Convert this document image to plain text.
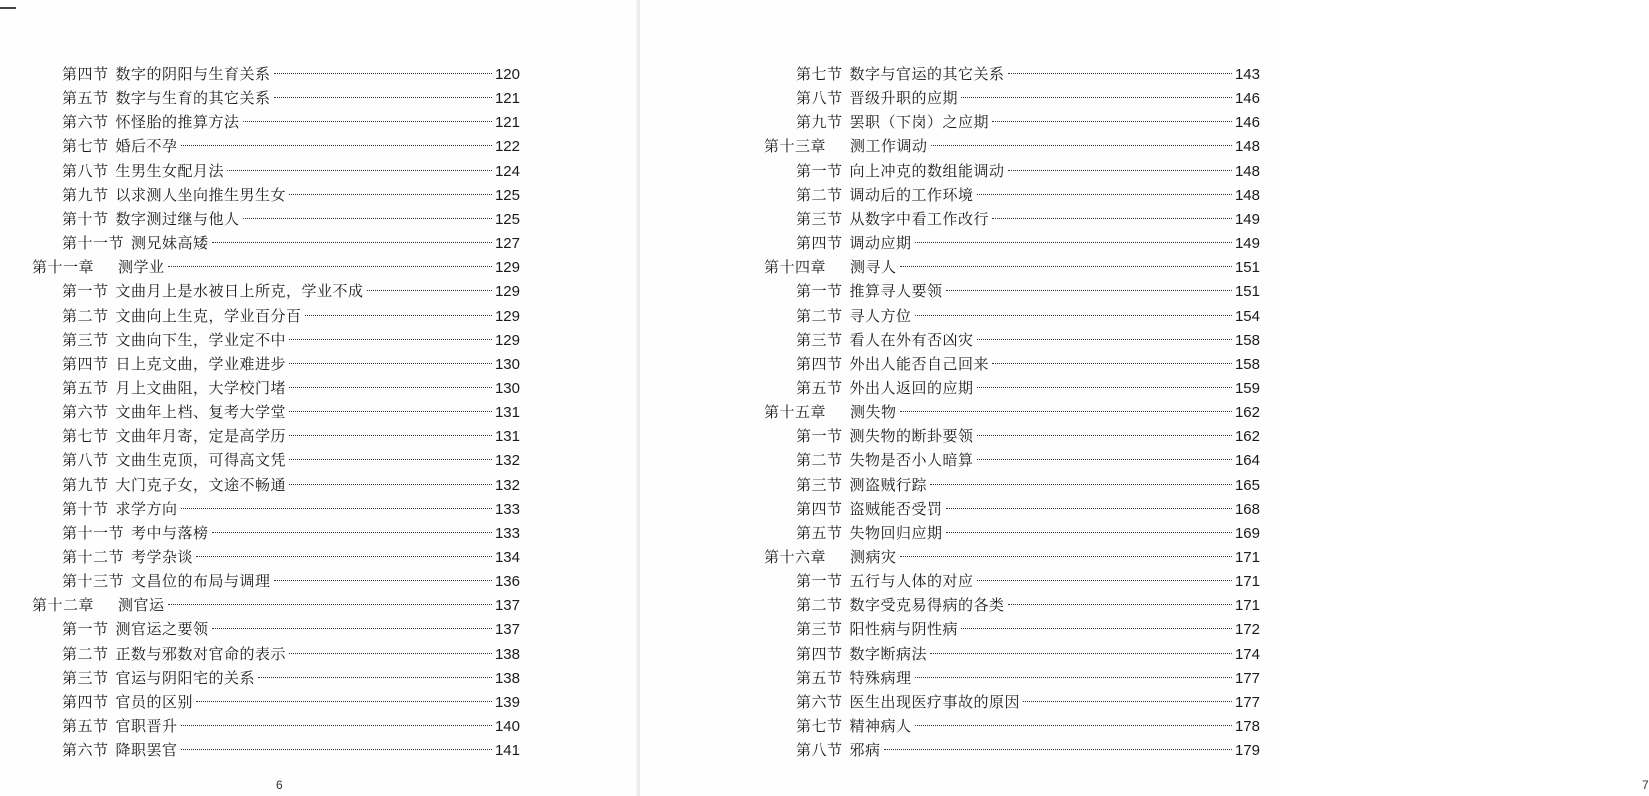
第四节 数字的阴阳与生育关系	120
第五节 数字与生育的其它关系	121
第六节 怀怪胎的推算方法	121
第七节 婚后不孕	122
第八节 生男生女配月法	124
第九节 以求测人坐向推生男生女	125
第十节 数字测过继与他人	125
第十一节 测兄妹高矮	127
第十一章 测学业	129
第一节 文曲月上是水被日上所克，学业不成	129
第二节 文曲向上生克，学业百分百	129
第三节 文曲向下生，学业定不中	129
第四节 日上克文曲，学业难进步	130
第五节 月上文曲阻，大学校门堵	130
第六节 文曲年上档、复考大学堂	131
第七节 文曲年月寄，定是高学历	131
第八节 文曲生克顶，可得高文凭	132
第九节 大门克子女，文途不畅通	132
第十节 求学方向	133
第十一节 考中与落榜	133
第十二节 考学杂谈	134
第十三节 文昌位的布局与调理	136
第十二章 测官运	137
第一节 测官运之要领	137
第二节 正数与邪数对官命的表示	138
第三节 官运与阴阳宅的关系	138
第四节 官员的区别	139
第五节 官职晋升	140
第六节 降职罢官	141
6
第七节 数字与官运的其它关系	143
第八节 晋级升职的应期	146
第九节 罢职（下岗）之应期	146
第十三章 测工作调动	148
第一节 向上冲克的数组能调动	148
第二节 调动后的工作环境	148
第三节 从数字中看工作改行	149
第四节 调动应期	149
第十四章 测寻人	151
第一节 推算寻人要领	151
第二节 寻人方位	154
第三节 看人在外有否凶灾	158
第四节 外出人能否自己回来	158
第五节 外出人返回的应期	159
第十五章 测失物	162
第一节 测失物的断卦要领	162
第二节 失物是否小人暗算	164
第三节 测盗贼行踪	165
第四节 盗贼能否受罚	168
第五节 失物回归应期	169
第十六章 测病灾	171
第一节 五行与人体的对应	171
第二节 数字受克易得病的各类	171
第三节 阳性病与阴性病	172
第四节 数字断病法	174
第五节 特殊病理	177
第六节 医生出现医疗事故的原因	177
第七节 精神病人	178
第八节 邪病	179
7
